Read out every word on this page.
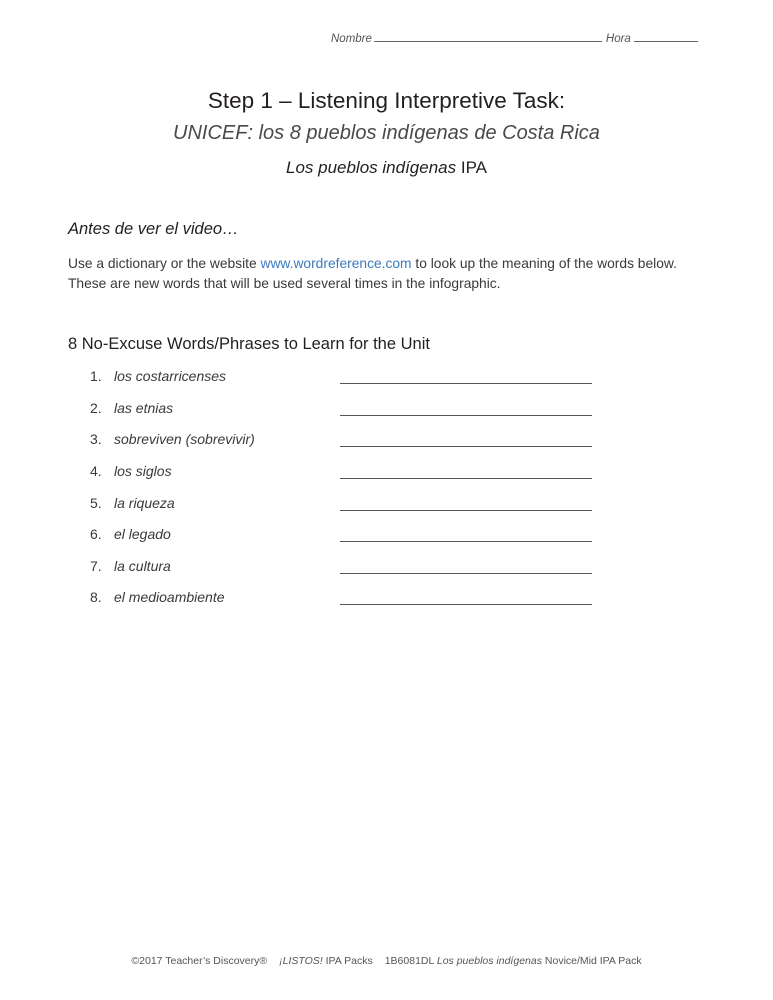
Nombre	Hora
Step 1 – Listening Interpretive Task:
UNICEF: los 8 pueblos indígenas de Costa Rica
Los pueblos indígenas IPA
Antes de ver el video…
Use a dictionary or the website www.wordreference.com to look up the meaning of the words below. These are new words that will be used several times in the infographic.
8 No-Excuse Words/Phrases to Learn for the Unit
1. los costarricenses
2. las etnias
3. sobreviven (sobrevivir)
4. los siglos
5. la riqueza
6. el legado
7. la cultura
8. el medioambiente
©2017 Teacher’s Discovery® ¡LISTOS! IPA Packs 1B6081DL Los pueblos indígenas Novice/Mid IPA Pack
